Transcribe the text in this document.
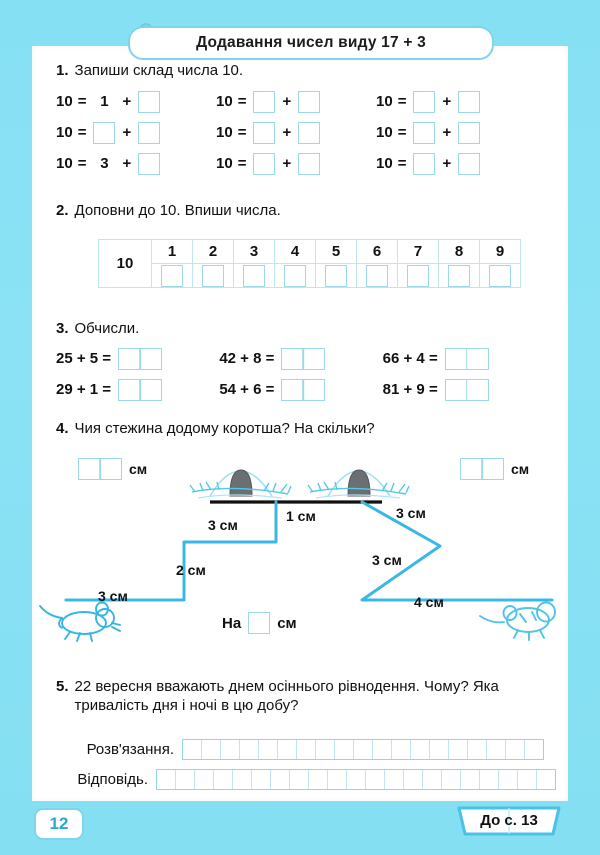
Додавання чисел виду 17 + 3
1. Запиши склад числа 10.
10 = 1 +	10 = +	10 = +
10 = +	10 = +	10 = +
10 = 3 +	10 = +	10 = +
2. Доповни до 10. Впиши числа.
10	1	2	3	4	5	6	7	8	9

3. Обчисли.
25 + 5 =	42 + 8 =	66 + 4 =
29 + 1 =	54 + 6 =	81 + 9 =
4. Чия стежина додому коротша? На скільки?
см	см
3 см
2 см
3 см
1 см	3 см
3 см
4 см
На см
5. 22 вересня вважають днем осіннього рівнодення. Чому? Яка тривалість дня і ночі в цю добу?
Розв'язання.
Відповідь.
12	До с. 13
